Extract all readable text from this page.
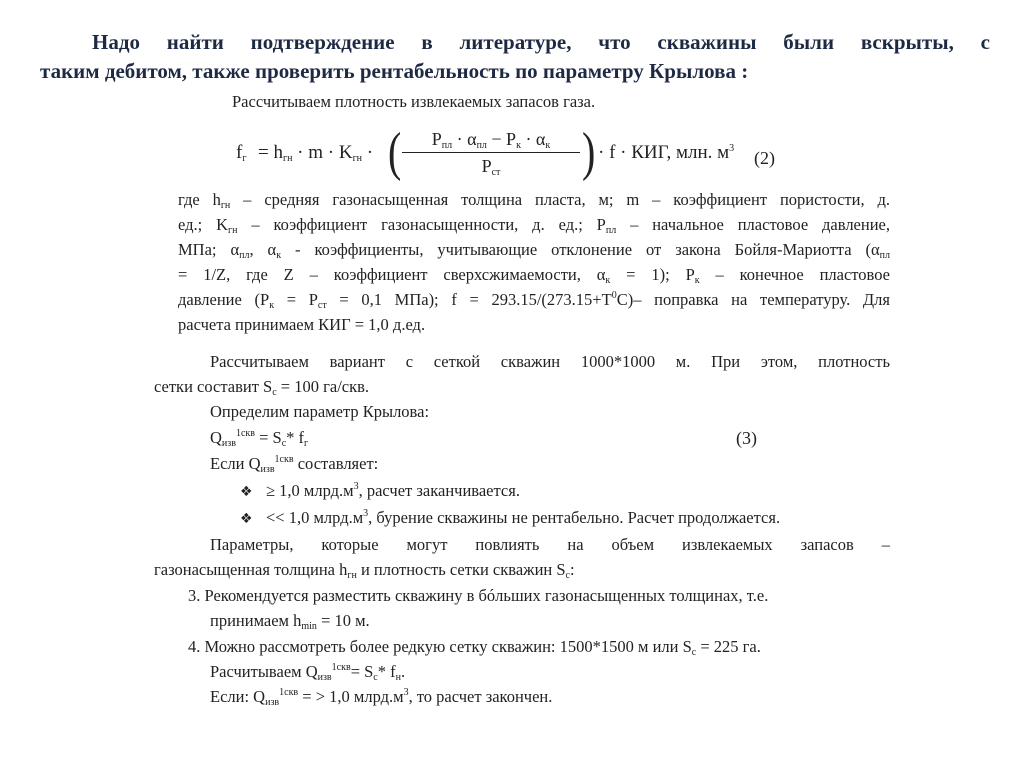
Надо найти подтверждение в литературе, что скважины были вскрыты, с
таким дебитом, также проверить рентабельность по параметру Крылова :
Рассчитываем плотность извлекаемых запасов газа.
$f_г = h_{гн} \cdot m \cdot K_{гн}$ · (	$P_{пл} \cdot \alpha_{пл} - P_к \cdot \alpha_к$
$P_{ст}$	) · f · КИГ, млн. $м^3$ (2)
где $h_{гн}$ – средняя газонасыщенная толщина пласта, м; m – коэффициент пористости, д.
ед.; $K_{гн}$ – коэффициент газонасыщенности, д. ед.; $P_{пл}$ – начальное пластовое давление,
МПа; $\alpha_{пл}$, $\alpha_к$ - коэффициенты, учитывающие отклонение от закона Бойля-Мариотта ($\alpha_{пл}$
= 1/Z, где Z – коэффициент сверхсжимаемости, $\alpha_к = 1$); $P_к$ – конечное пластовое
давление ($P_к = P_{ст} = 0,1$ МПа); $f = 293.15/(273.15+T^0C)-$ поправка на температуру. Для
расчета принимаем КИГ = 1,0 д.ед.
Рассчитываем вариант с сеткой скважин 1000*1000 м. При этом, плотность
сетки составит $S_c = 100$ га/скв.
Определим параметр Крылова:
$Q_{изв}^{1скв} = S_c*$ $f_г$	(3)
Если $Q_{изв}^{1скв}$ составляет:
❖ ≥ 1,0 $млрд.м^3$, расчет заканчивается.
❖ << 1,0 $млрд.м^3$, бурение скважины не рентабельно. Расчет продолжается.
Параметры, которые могут повлиять на объем извлекаемых запасов –
газонасыщенная толщина $h_{гн}$ и плотность сетки скважин $S_c$:
3. Рекомендуется разместить скважину в бóльших газонасыщенных толщинах, т.е.
принимаем $h_{min} = 10$ м.
4. Можно рассмотреть более редкую сетку скважин: 1500*1500 м или $S_c = 225$ га.
Расчитываем $Q_{изв}^{1скв}= S_c*$ $f_н$.
Если: $Q_{изв}^{1скв}$ = > 1,0 $млрд.м^3$, то расчет закончен.
